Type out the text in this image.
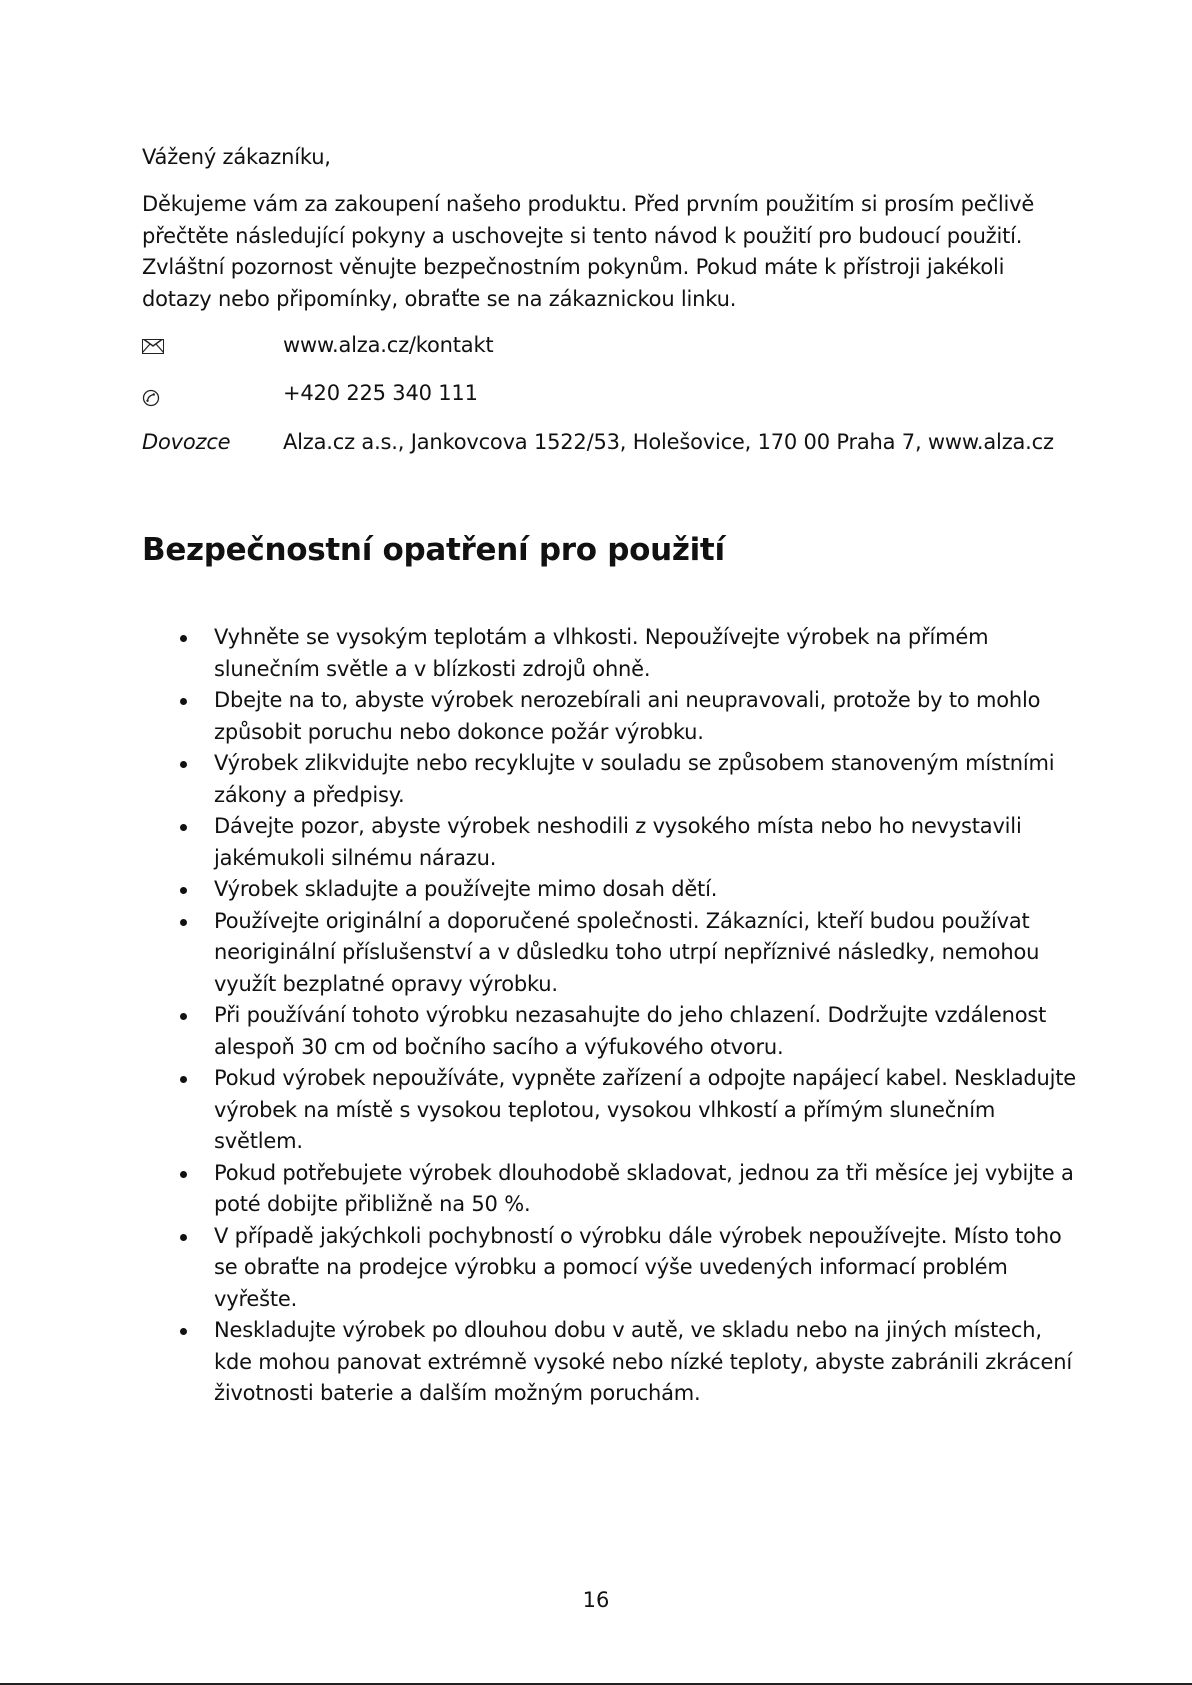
Vážený zákazníku,

Děkujeme vám za zakoupení našeho produktu. Před prvním použitím si prosím pečlivě přečtěte následující pokyny a uschovejte si tento návod k použití pro budoucí použití. Zvláštní pozornost věnujte bezpečnostním pokynům. Pokud máte k přístroji jakékoli dotazy nebo připomínky, obraťte se na zákaznickou linku.

www.alza.cz/kontakt
+420 225 340 111
Dovozce	Alza.cz a.s., Jankovcova 1522/53, Holešovice, 170 00 Praha 7, www.alza.cz
Bezpečnostní opatření pro použití
Vyhněte se vysokým teplotám a vlhkosti. Nepoužívejte výrobek na přímém slunečním světle a v blízkosti zdrojů ohně.
Dbejte na to, abyste výrobek nerozebírali ani neupravovali, protože by to mohlo způsobit poruchu nebo dokonce požár výrobku.
Výrobek zlikvidujte nebo recyklujte v souladu se způsobem stanoveným místními zákony a předpisy.
Dávejte pozor, abyste výrobek neshodili z vysokého místa nebo ho nevystavili jakémukoli silnému nárazu.
Výrobek skladujte a používejte mimo dosah dětí.
Používejte originální a doporučené společnosti. Zákazníci, kteří budou používat neoriginální příslušenství a v důsledku toho utrpí nepříznivé následky, nemohou využít bezplatné opravy výrobku.
Při používání tohoto výrobku nezasahujte do jeho chlazení. Dodržujte vzdálenost alespoň 30 cm od bočního sacího a výfukového otvoru.
Pokud výrobek nepoužíváte, vypněte zařízení a odpojte napájecí kabel. Neskladujte výrobek na místě s vysokou teplotou, vysokou vlhkostí a přímým slunečním světlem.
Pokud potřebujete výrobek dlouhodobě skladovat, jednou za tři měsíce jej vybijte a poté dobijte přibližně na 50 %.
V případě jakýchkoli pochybností o výrobku dále výrobek nepoužívejte. Místo toho se obraťte na prodejce výrobku a pomocí výše uvedených informací problém vyřešte.
Neskladujte výrobek po dlouhou dobu v autě, ve skladu nebo na jiných místech, kde mohou panovat extrémně vysoké nebo nízké teploty, abyste zabránili zkrácení životnosti baterie a dalším možným poruchám.
16
